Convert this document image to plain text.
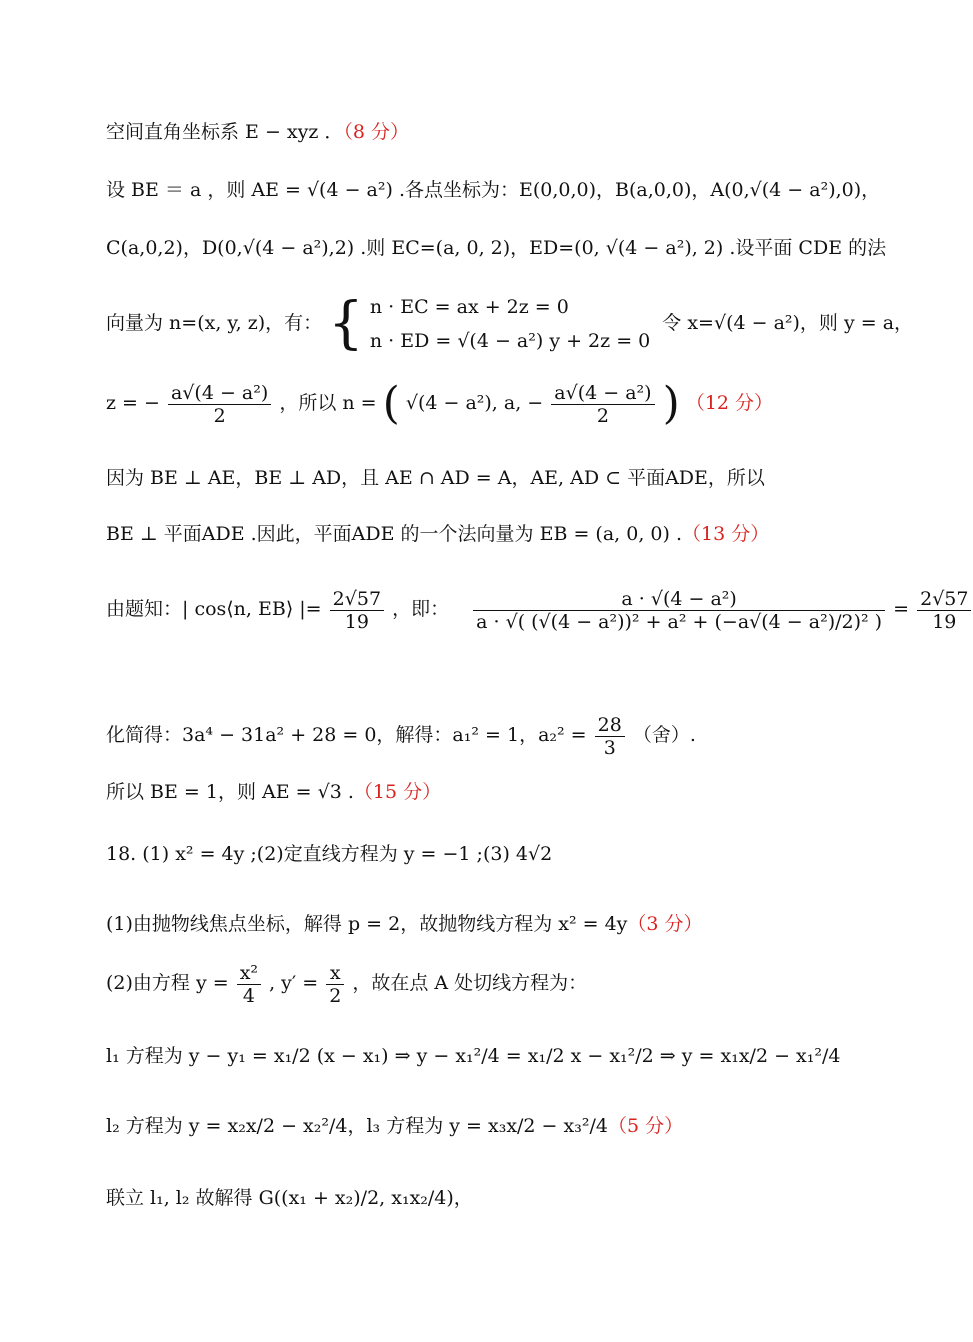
空间直角坐标系 E − xyz ．（8 分）
设 BE ＝ a ，则 AE = √(4 − a²) .各点坐标为：E(0,0,0)，B(a,0,0)，A(0,√(4 − a²),0)，
C(a,0,2)，D(0,√(4 − a²),2) .则 EC=(a, 0, 2)，ED=(0, √(4 − a²), 2) .设平面 CDE 的法
向量为 n=(x, y, z)，有： { n · EC = ax + 2z = 0
n · ED = √(4 − a²) y + 2z = 0
令 x=√(4 − a²)，则 y = a，
z = − $\frac{\text{a√(4 − a²)}}{2}$ ，所以 n = ( √(4 − a²), a, − $\frac{\text{a√(4 − a²)}}{2}$ ) （12 分）
因为 BE ⊥ AE，BE ⊥ AD，且 AE ∩ AD = A，AE, AD ⊂ 平面ADE，所以
BE ⊥ 平面ADE .因此，平面ADE 的一个法向量为 EB = (a, 0, 0) .（13 分）
由题知：| cos⟨n, EB⟩ |= $\frac{2√57}{19}$ ，即： $\frac{\text{a · √(4 − a²)}}{\text{a · √( (√(4 − a²))² + a² + (−a√(4 − a²)/2)² )}} = \frac{2√57}{19}$
化简得：3a⁴ − 31a² + 28 = 0，解得：a₁² = 1，$a_2^2 = \frac{28}{3}$ （舍）.
所以 BE = 1，则 AE = √3 .（15 分）
18. (1) x² = 4y ;(2)定直线方程为 y = −1 ;(3) 4√2
(1)由抛物线焦点坐标，解得 p = 2，故抛物线方程为 x² = 4y（3 分）
(2)由方程 $y = \frac{\text{x²}}{4}$ , $y' = \frac{x}{2}$ ，故在点 A 处切线方程为：
l₁ 方程为 y − y₁ = x₁/2 (x − x₁) ⇒ y − x₁²/4 = x₁/2 x − x₁²/2 ⇒ y = x₁x/2 − x₁²/4
l₂ 方程为 y = x₂x/2 − x₂²/4，l₃ 方程为 y = x₃x/2 − x₃²/4（5 分）
联立 l₁, l₂ 故解得 G((x₁ + x₂)/2, x₁x₂/4)，
